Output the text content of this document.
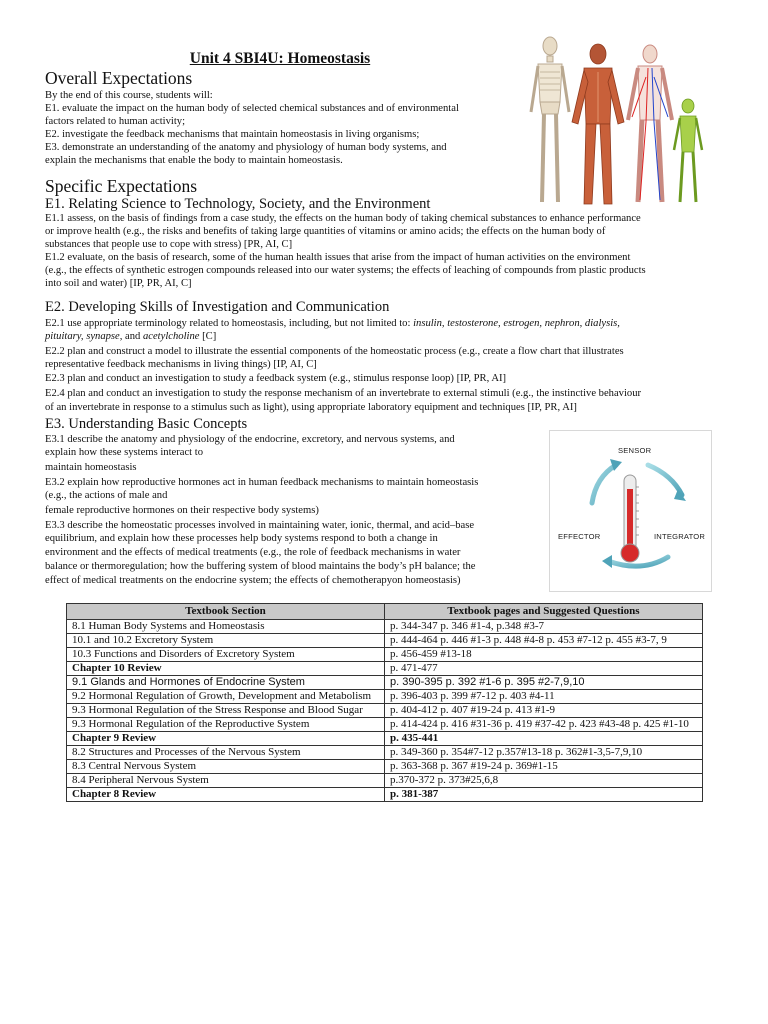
Unit 4 SBI4U: Homeostasis
Overall Expectations

By the end of this course, students will:

E1. evaluate the impact on the human body of selected chemical substances and of environmental

factors related to human activity;

E2. investigate the feedback mechanisms that maintain homeostasis in living organisms;

E3. demonstrate an understanding of the anatomy and physiology of human body systems, and

explain the mechanisms that enable the body to maintain homeostasis.

Specific Expectations
E1. Relating Science to Technology, Society, and the Environment

E1.1 assess, on the basis of findings from a case study, the effects on the human body of taking chemical substances to enhance performance

or improve health (e.g., the risks and benefits of taking large quantities of vitamins or amino acids; the effects on the human body of

substances that people use to cope with stress) [PR, AI, C]

E1.2 evaluate, on the basis of research, some of the human health issues that arise from the impact of human activities on the environment

(e.g., the effects of synthetic estrogen compounds released into our water systems; the effects of leaching of compounds from plastic products

into soil and water) [IP, PR, AI, C]

E2. Developing Skills of Investigation and Communication

E2.1 use appropriate terminology related to homeostasis, including, but not limited to: insulin, testosterone, estrogen, nephron, dialysis,

pituitary, synapse, and acetylcholine [C]

E2.2 plan and construct a model to illustrate the essential components of the homeostatic process (e.g., create a flow chart that illustrates

representative feedback mechanisms in living things) [IP, AI, C]

E2.3 plan and conduct an investigation to study a feedback system (e.g., stimulus response loop) [IP, PR, AI]

E2.4 plan and conduct an investigation to study the response mechanism of an invertebrate to external stimuli (e.g., the instinctive behaviour

of an invertebrate in response to a stimulus such as light), using appropriate laboratory equipment and techniques [IP, PR, AI]

E3. Understanding Basic Concepts

E3.1 describe the anatomy and physiology of the endocrine, excretory, and nervous systems, and

explain how these systems interact to

maintain homeostasis

E3.2 explain how reproductive hormones act in human feedback mechanisms to maintain homeostasis

(e.g., the actions of male and

female reproductive hormones on their respective body systems)

E3.3 describe the homeostatic processes involved in maintaining water, ionic, thermal, and acid–base

equilibrium, and explain how these processes help body systems respond to both a change in

environment and the effects of medical treatments (e.g., the role of feedback mechanisms in water

balance or thermoregulation; how the buffering system of blood maintains the body’s pH balance; the

effect of medical treatments on the endocrine system; the effects of chemotherapyon homeostasis)

SENSOR
INTEGRATOR
EFFECTOR
Textbook Section	Textbook pages and Suggested Questions
8.1 Human Body Systems and Homeostasis	p. 344-347 p. 346 #1-4, p.348 #3-7
10.1 and 10.2 Excretory System	p. 444-464 p. 446 #1-3 p. 448 #4-8 p. 453 #7-12 p. 455 #3-7, 9
10.3 Functions and Disorders of Excretory System	p. 456-459 #13-18
Chapter 10 Review	p. 471-477
9.1 Glands and Hormones of Endocrine System	p. 390-395 p. 392 #1-6 p. 395 #2-7,9,10
9.2 Hormonal Regulation of Growth, Development and Metabolism	p. 396-403 p. 399 #7-12 p. 403 #4-11
9.3 Hormonal Regulation of the Stress Response and Blood Sugar	p. 404-412 p. 407 #19-24 p. 413 #1-9
9.3 Hormonal Regulation of the Reproductive System	p. 414-424 p. 416 #31-36 p. 419 #37-42 p. 423 #43-48 p. 425 #1-10
Chapter 9 Review	p. 435-441
8.2 Structures and Processes of the Nervous System	p. 349-360 p. 354#7-12 p.357#13-18 p. 362#1-3,5-7,9,10
8.3 Central Nervous System	p. 363-368 p. 367 #19-24 p. 369#1-15
8.4 Peripheral Nervous System	p.370-372 p. 373#25,6,8
Chapter 8 Review	p. 381-387
